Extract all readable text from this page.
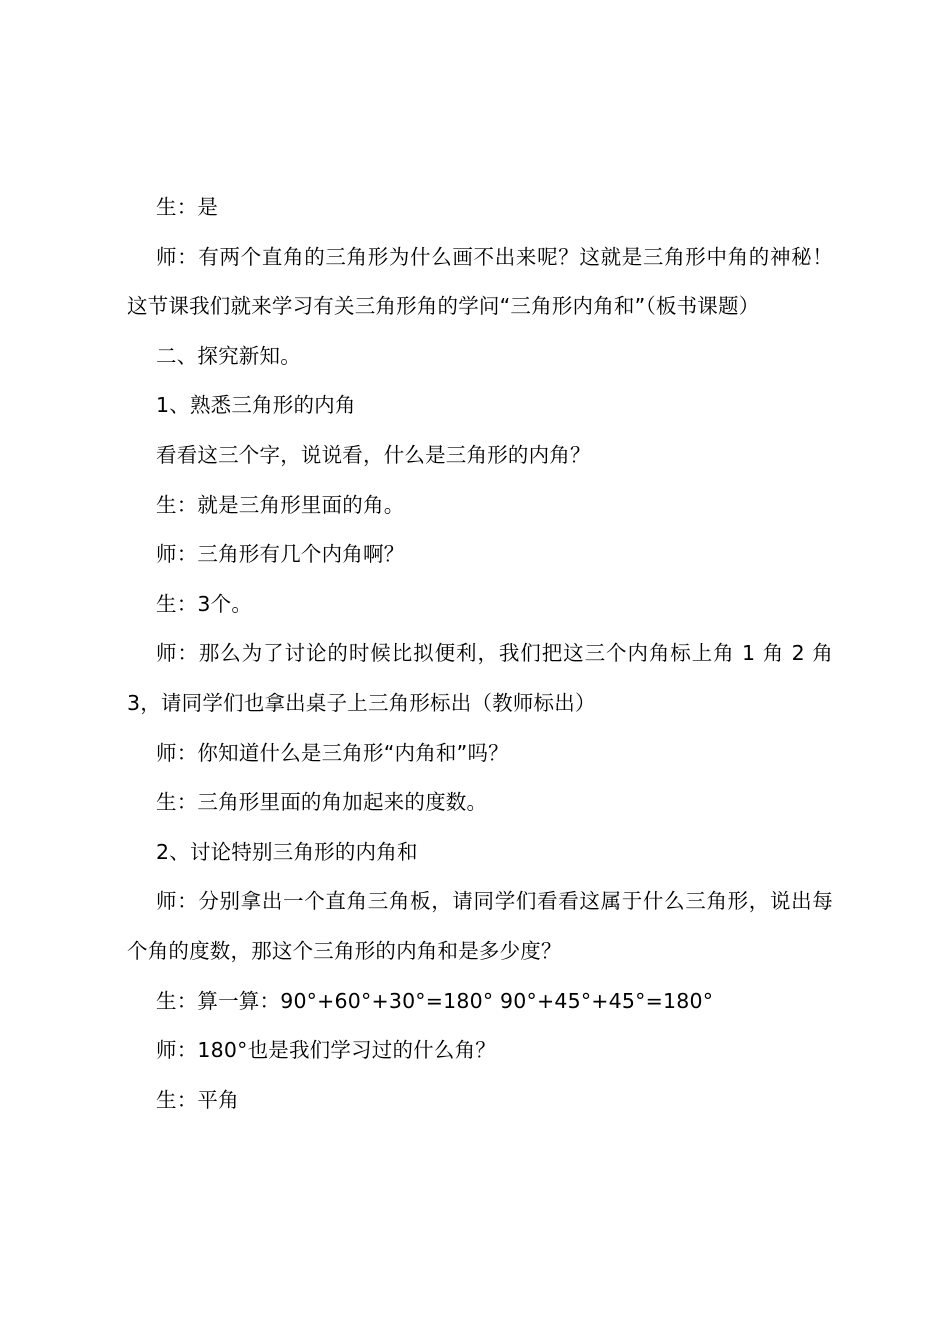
生：是

师：有两个直角的三角形为什么画不出来呢？这就是三角形中角的神秘！这节课我们就来学习有关三角形角的学问“三角形内角和”（板书课题）

二、探究新知。

1、熟悉三角形的内角

看看这三个字，说说看，什么是三角形的内角？

生：就是三角形里面的角。

师：三角形有几个内角啊？

生：3个。

师：那么为了讨论的时候比拟便利，我们把这三个内角标上角 1 角 2 角 3，请同学们也拿出桌子上三角形标出（教师标出）

师：你知道什么是三角形“内角和”吗？

生：三角形里面的角加起来的度数。

2、讨论特别三角形的内角和

师：分别拿出一个直角三角板，请同学们看看这属于什么三角形，说出每个角的度数，那这个三角形的内角和是多少度？

生：算一算：90°+60°+30°=180° 90°+45°+45°=180°

师：180°也是我们学习过的什么角？

生：平角
